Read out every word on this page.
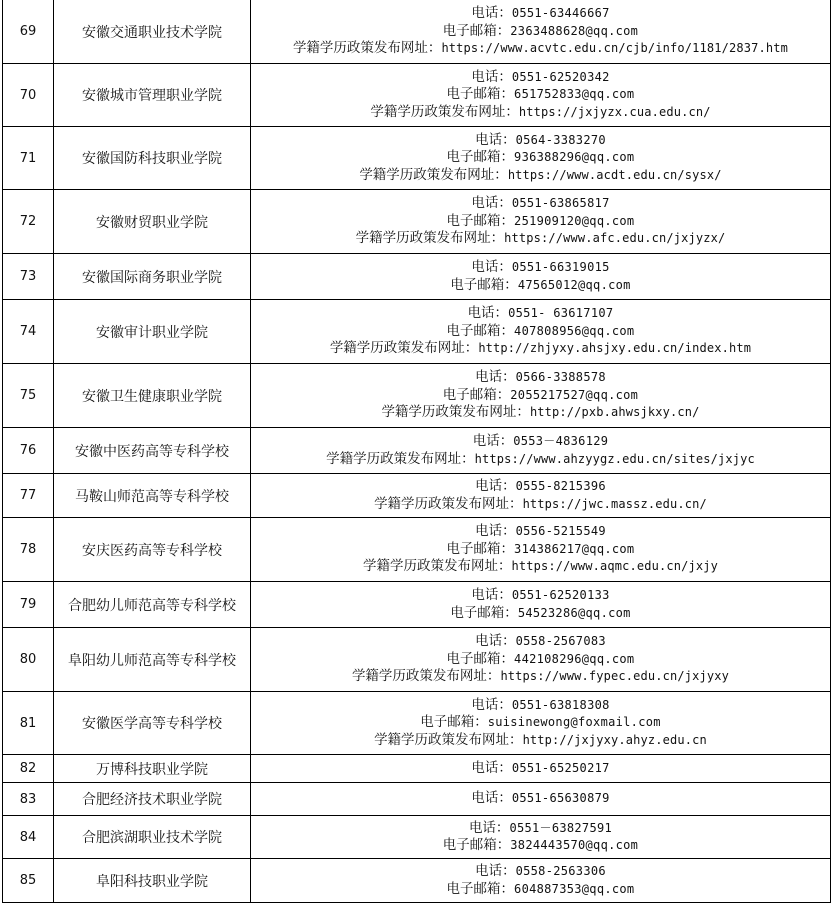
69	安徽交通职业技术学院	电话：0551-63446667
电子邮箱：2363488628@qq.com
学籍学历政策发布网址：https://www.acvtc.edu.cn/cjb/info/1181/2837.htm

70	安徽城市管理职业学院	电话：0551-62520342
电子邮箱：651752833@qq.com
学籍学历政策发布网址：https://jxjyzx.cua.edu.cn/

71	安徽国防科技职业学院	电话：0564-3383270
电子邮箱：936388296@qq.com
学籍学历政策发布网址：https://www.acdt.edu.cn/sysx/

72	安徽财贸职业学院	电话：0551-63865817
电子邮箱：251909120@qq.com
学籍学历政策发布网址：https://www.afc.edu.cn/jxjyzx/

73	安徽国际商务职业学院	电话：0551-66319015
电子邮箱：47565012@qq.com

74	安徽审计职业学院	电话：0551- 63617107
电子邮箱：407808956@qq.com
学籍学历政策发布网址：http://zhjyxy.ahsjxy.edu.cn/index.htm

75	安徽卫生健康职业学院	电话：0566-3388578
电子邮箱：2055217527@qq.com
学籍学历政策发布网址：http://pxb.ahwsjkxy.cn/

76	安徽中医药高等专科学校	电话：0553－4836129
学籍学历政策发布网址：https://www.ahzyygz.edu.cn/sites/jxjyc

77	马鞍山师范高等专科学校	电话：0555-8215396
学籍学历政策发布网址：https://jwc.massz.edu.cn/

78	安庆医药高等专科学校	电话：0556-5215549
电子邮箱：314386217@qq.com
学籍学历政策发布网址：https://www.aqmc.edu.cn/jxjy

79	合肥幼儿师范高等专科学校	电话：0551-62520133
电子邮箱：54523286@qq.com

80	阜阳幼儿师范高等专科学校	电话：0558-2567083
电子邮箱：442108296@qq.com
学籍学历政策发布网址：https://www.fypec.edu.cn/jxjyxy

81	安徽医学高等专科学校	电话：0551-63818308
电子邮箱：suisinewong@foxmail.com
学籍学历政策发布网址：http://jxjyxy.ahyz.edu.cn

82	万博科技职业学院	电话：0551-65250217

83	合肥经济技术职业学院	电话：0551-65630879

84	合肥滨湖职业技术学院	电话：0551－63827591
电子邮箱：3824443570@qq.com

85	阜阳科技职业学院	电话：0558-2563306
电子邮箱：604887353@qq.com
